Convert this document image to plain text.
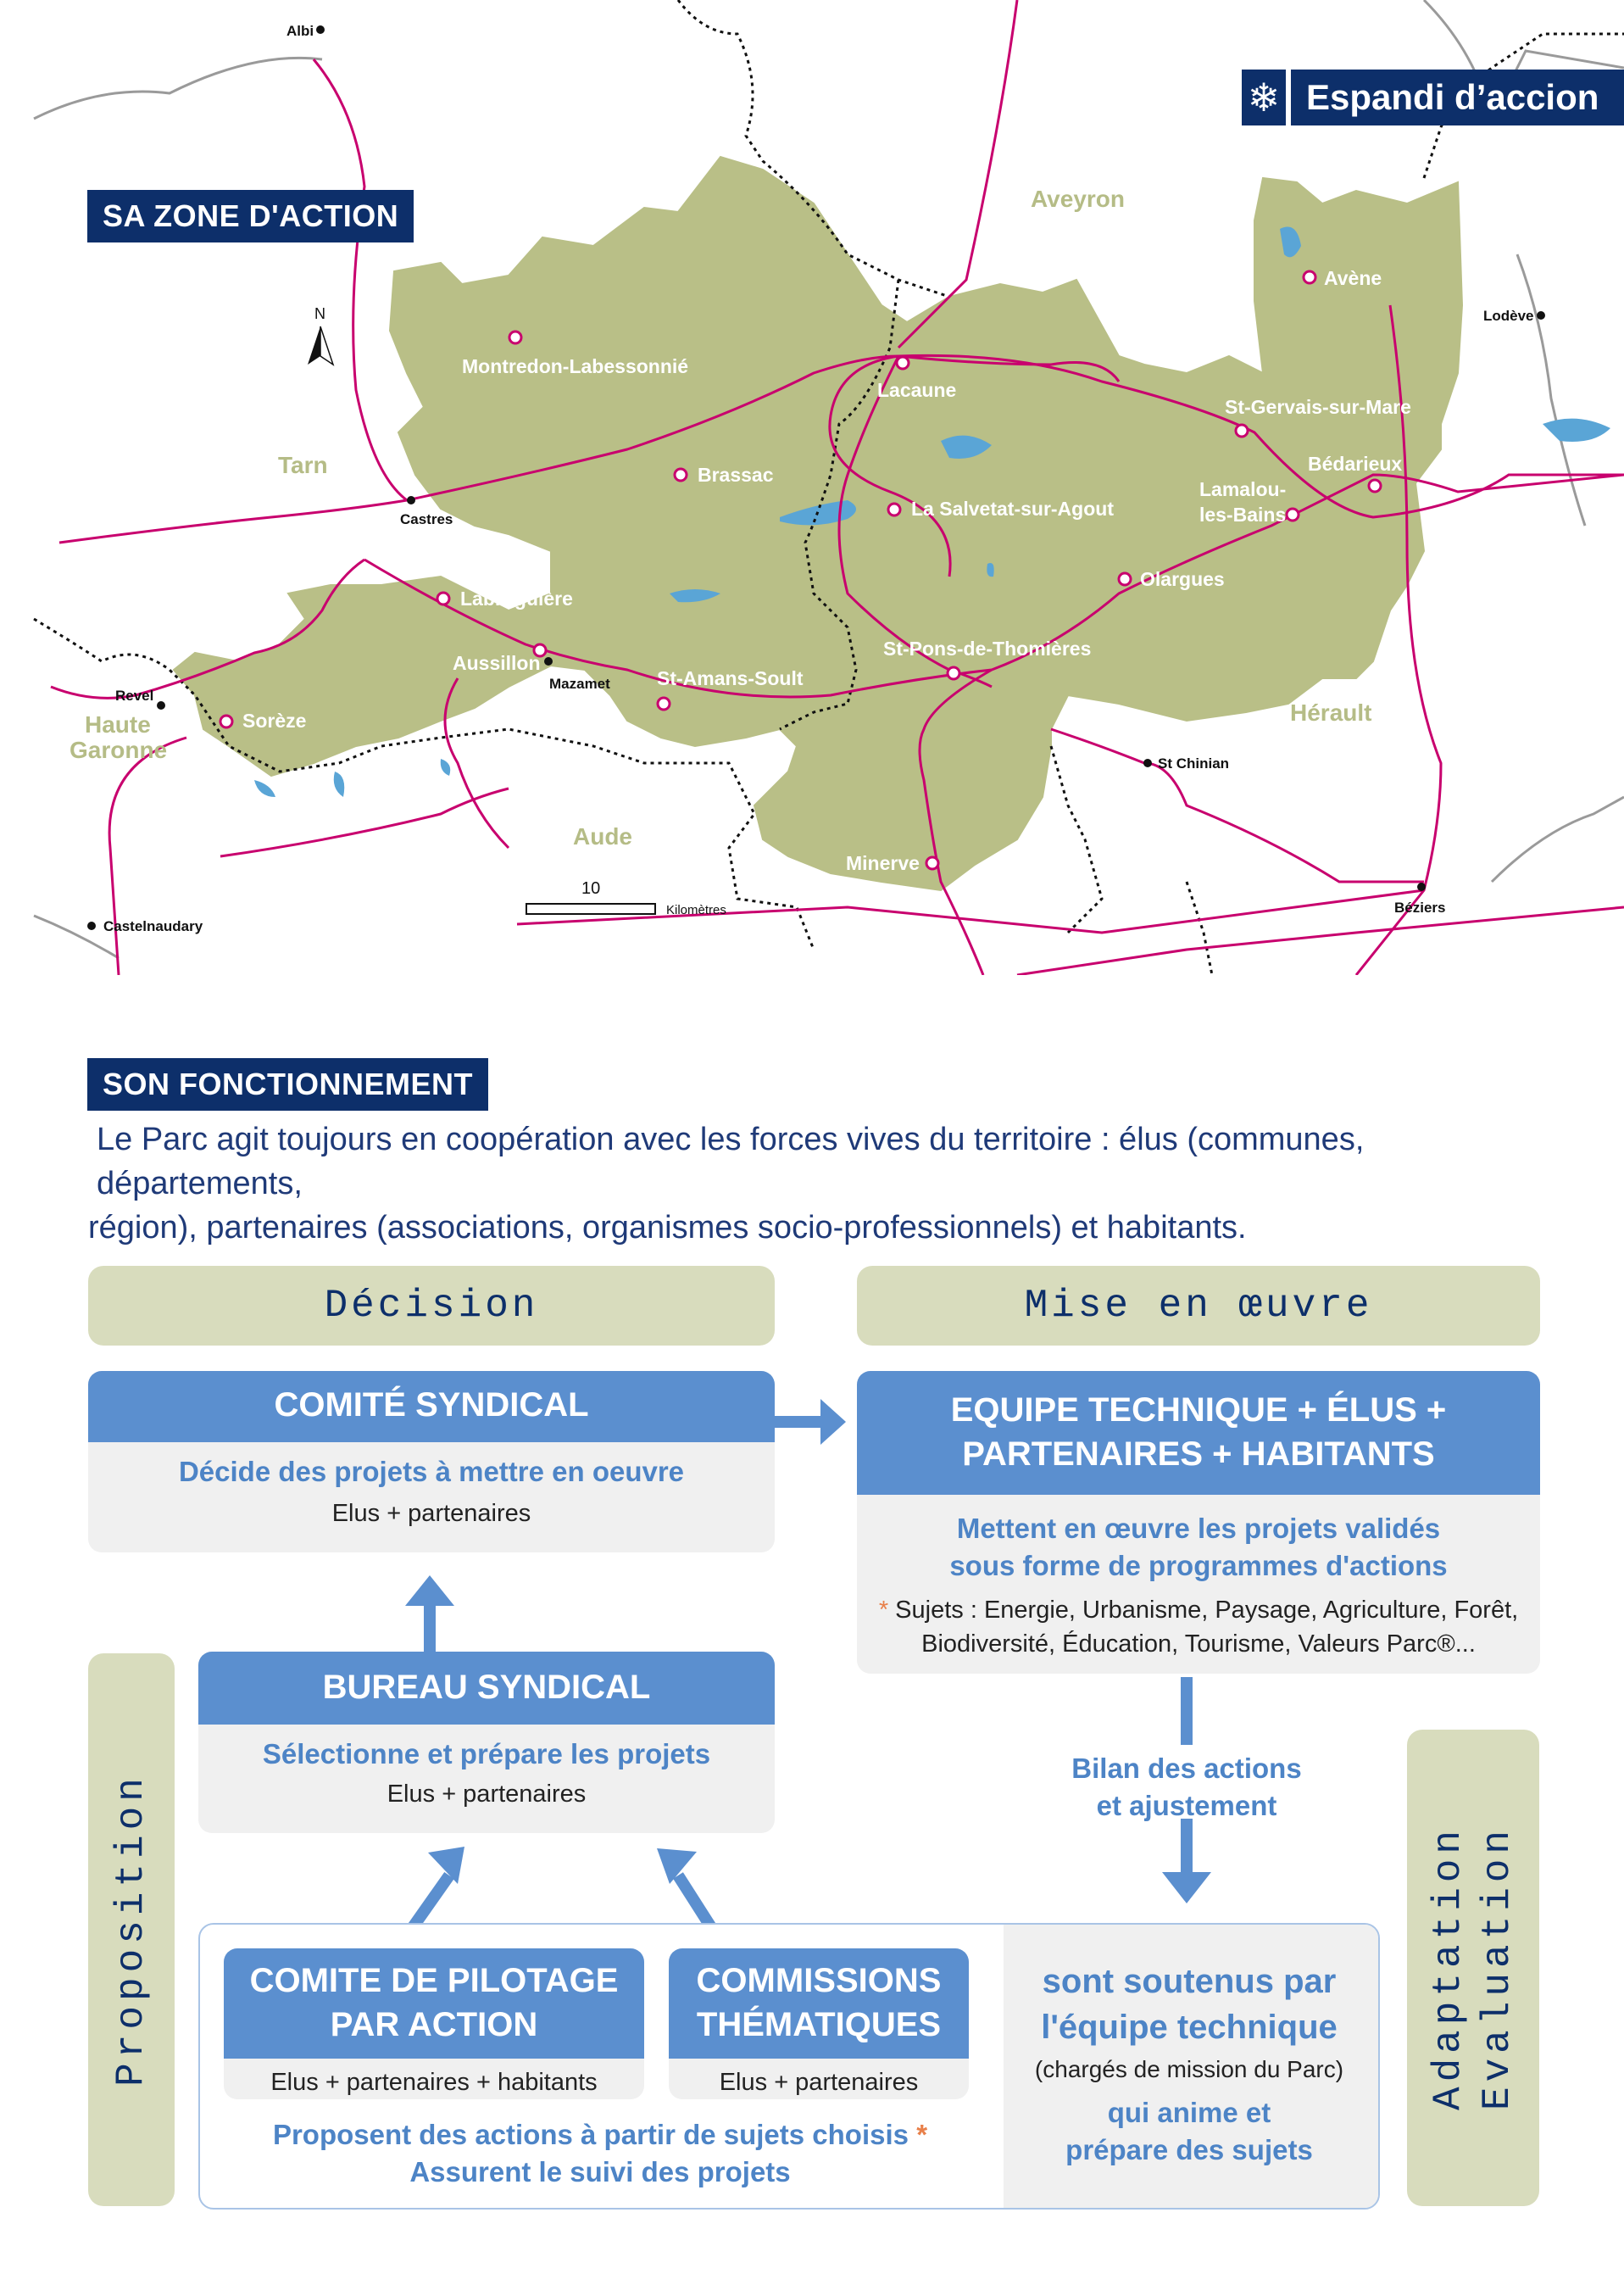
Montredon-Labessonnié
Lacaune
Avène
St-Gervais-sur-Mare
Bédarieux
Brassac
La Salvetat-sur-Agout
Lamalou-
les-Bains
Olargues
Labruguière
Aussillon
St-Amans-Soult
St-Pons-de-Thomières
Sorèze
Minerve
Albi
Lodève
Castres
Mazamet
Revel
St Chinian
Béziers
Castelnaudary
Aveyron
Tarn
Hérault
Aude
Haute
Garonne
N
10
Kilomètres
❄ Espandi d’accion
SA ZONE D'ACTION
SON FONCTIONNEMENT
Le Parc agit toujours en coopération avec les forces vives du territoire : élus (communes, départements,
région), partenaires (associations, organismes socio-professionnels) et habitants.
Décision	Mise en œuvre
Proposition	Adaptation Evaluation
COMITÉ SYNDICAL
Décide des projets à mettre en oeuvre
Elus + partenaires
EQUIPE TECHNIQUE + ÉLUS +
PARTENAIRES + HABITANTS
Mettent en œuvre les projets validés
sous forme de programmes d'actions
* Sujets : Energie, Urbanisme, Paysage, Agriculture, Forêt,
Biodiversité, Éducation, Tourisme, Valeurs Parc®...
BUREAU SYNDICAL
Sélectionne et prépare les projets
Elus + partenaires
Bilan des actions
et ajustement
COMITE DE PILOTAGE
PAR ACTION
Elus + partenaires + habitants
COMMISSIONS
THÉMATIQUES
Elus + partenaires
Proposent des actions à partir de sujets choisis *
Assurent le suivi des projets
sont soutenus par
l'équipe technique
(chargés de mission du Parc)
qui anime et
prépare des sujets
